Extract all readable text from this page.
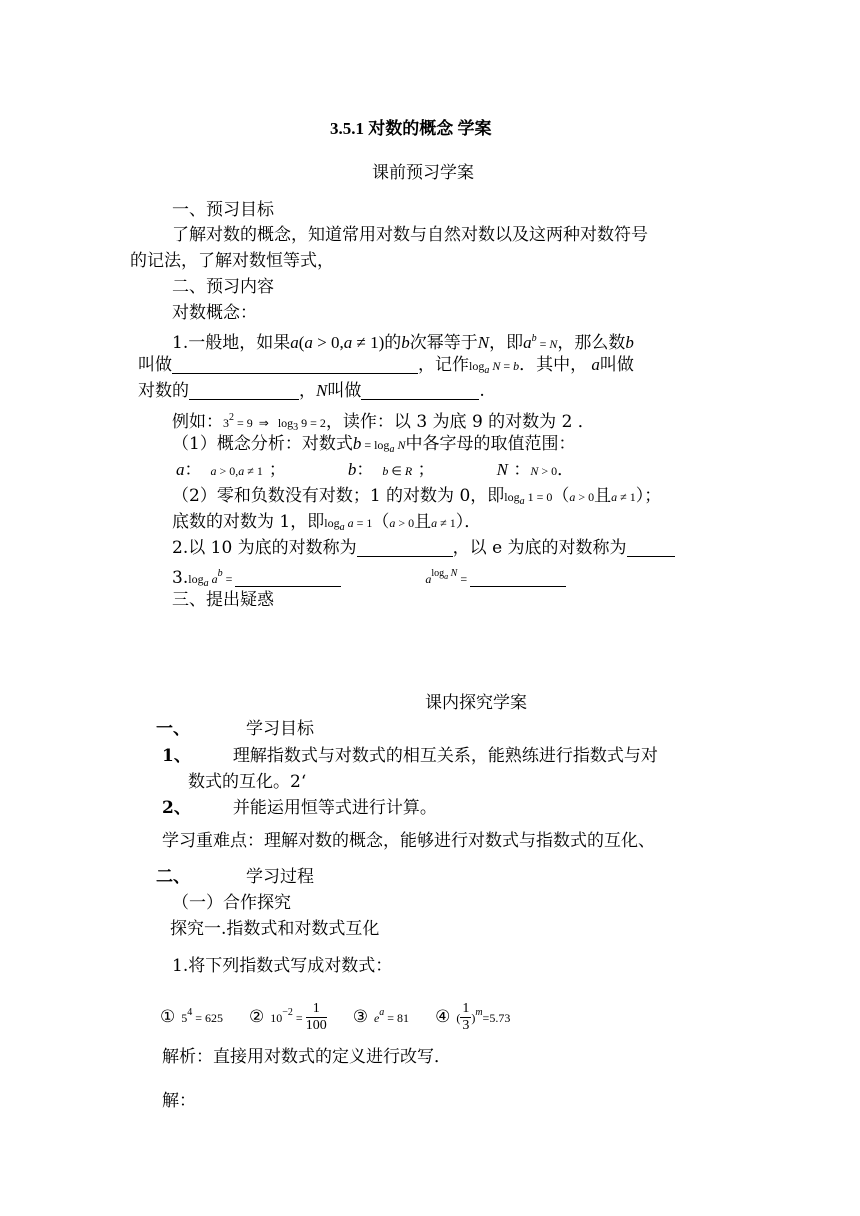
3.5.1 对数的概念 学案
课前预习学案
一、预习目标
了解对数的概念，知道常用对数与自然对数以及这两种对数符号
的记法，了解对数恒等式，
二、预习内容
对数概念：
1.一般地，如果a(a > 0,a ≠ 1)的b次幂等于N，即$a^b = N$，那么数b
叫做	，记作$\log_a N = b$．其中， a叫做
对数的	，N叫做	.
例如：$3^2 = 9$  ⇒   $\log_3 9 = 2$，读作：以 3 为底 9 的对数为 2 ．
（1）概念分析：对数式$b = \log_a N$中各字母的取值范围：
a：   a > 0,a ≠ 1  ；	b：   b ∈ R ；	N ：N > 0．
（2）零和负数没有对数；1 的对数为 0，即$\log_a 1 = 0(a > 0$且a ≠ 1）；
底数的对数为 1，即$\log_a a = 1(a > 0$且a ≠ 1）．
2.以 10 为底的对数称为	，以 e 为底的对数称为
$3.\log_a$ $a^b$ =	$a^{log_a N}$ =
三、提出疑惑
课内探究学案
一、	学习目标
1、 理解指数式与对数式的相互关系，能熟练进行指数式与对
数式的互化。2‘
2、 并能运用恒等式进行计算。
学习重难点：理解对数的概念，能够进行对数式与指数式的互化、
二、	学习过程
（一）合作探究
探究一.指数式和对数式互化
1.将下列指数式写成对数式：
①  $5^4 = 625$ ②  $10^{-2} = \frac{1}{100}$ ③  $e^a = 81$ ④  ( $\frac{1}{3} )^m=5.73$
解析：直接用对数式的定义进行改写．
解：
